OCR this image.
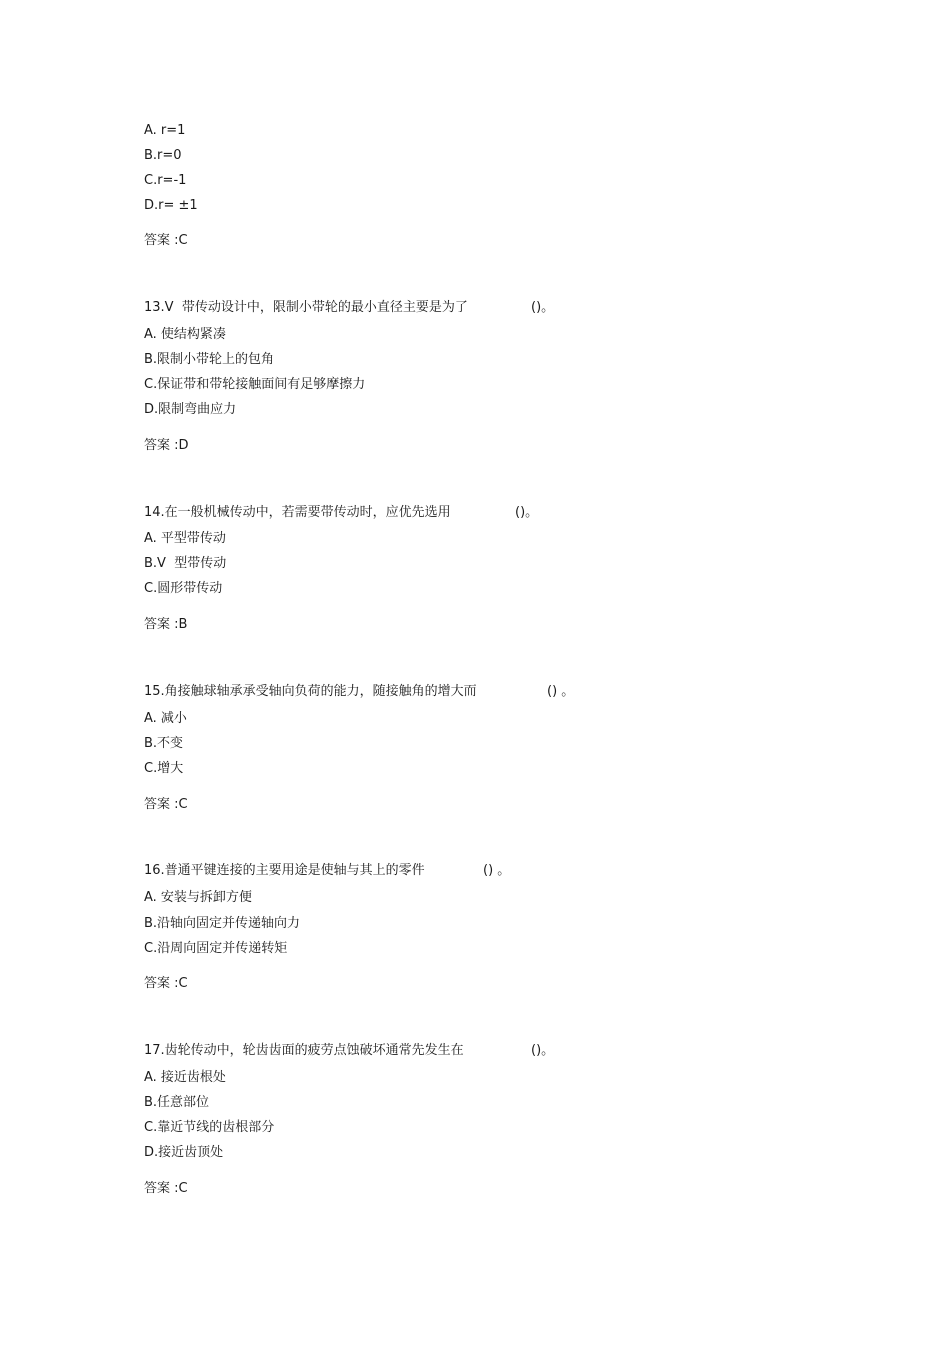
A. r=1
B.r=0
C.r=-1
D.r= ±1
答案 :C
13.V  带传动设计中，限制小带轮的最小直径主要是为了	()。
A. 使结构紧凑
B.限制小带轮上的包角
C.保证带和带轮接触面间有足够摩擦力
D.限制弯曲应力
答案 :D
14.在一般机械传动中，若需要带传动时，应优先选用	()。
A. 平型带传动
B.V  型带传动
C.圆形带传动
答案 :B
15.角接触球轴承承受轴向负荷的能力，随接触角的增大而	() 。
A. 减小
B.不变
C.增大
答案 :C
16.普通平键连接的主要用途是使轴与其上的零件	() 。
A. 安装与拆卸方便
B.沿轴向固定并传递轴向力
C.沿周向固定并传递转矩
答案 :C
17.齿轮传动中，轮齿齿面的疲劳点蚀破坏通常先发生在	()。
A. 接近齿根处
B.任意部位
C.靠近节线的齿根部分
D.接近齿顶处
答案 :C
